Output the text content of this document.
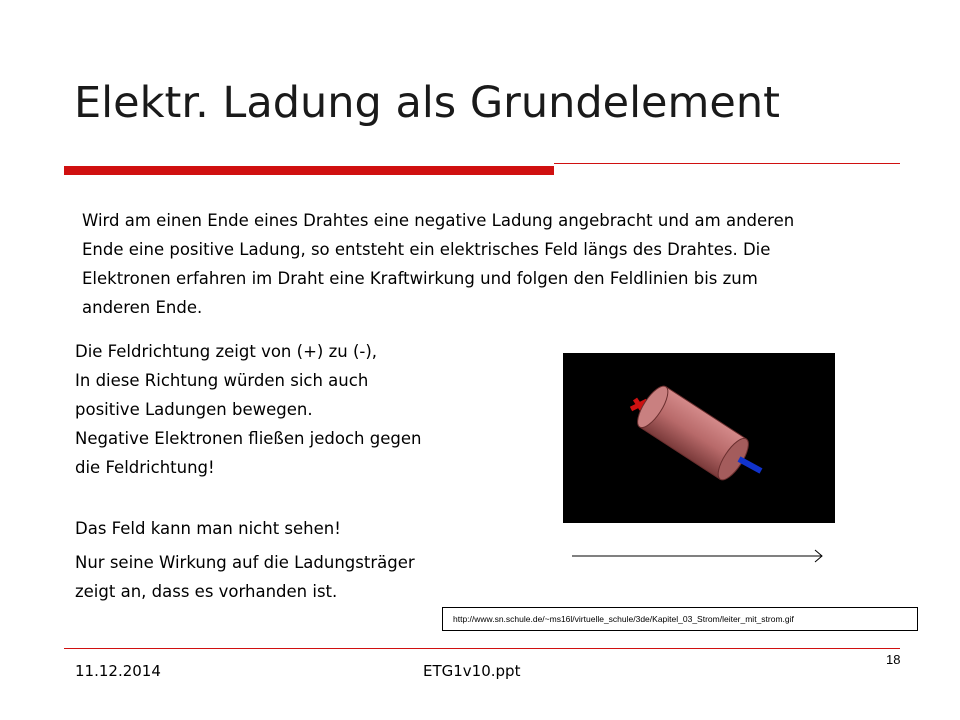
Elektr. Ladung als Grundelement

Wird am einen Ende eines Drahtes eine negative Ladung angebracht und am anderen

Ende eine positive Ladung, so entsteht ein elektrisches Feld längs des Drahtes. Die

Elektronen erfahren im Draht eine Kraftwirkung und folgen den Feldlinien bis zum

anderen Ende.

Die Feldrichtung zeigt von (+) zu (-),

In diese Richtung würden sich auch

positive Ladungen bewegen.

Negative Elektronen fließen jedoch gegen

die Feldrichtung!

Das Feld kann man nicht sehen!

Nur seine Wirkung auf die Ladungsträger

zeigt an, dass es vorhanden ist.

http://www.sn.schule.de/~ms16l/virtuelle_schule/3de/Kapitel_03_Strom/leiter_mit_strom.gif
11.12.2014	ETG1v10.ppt
18
